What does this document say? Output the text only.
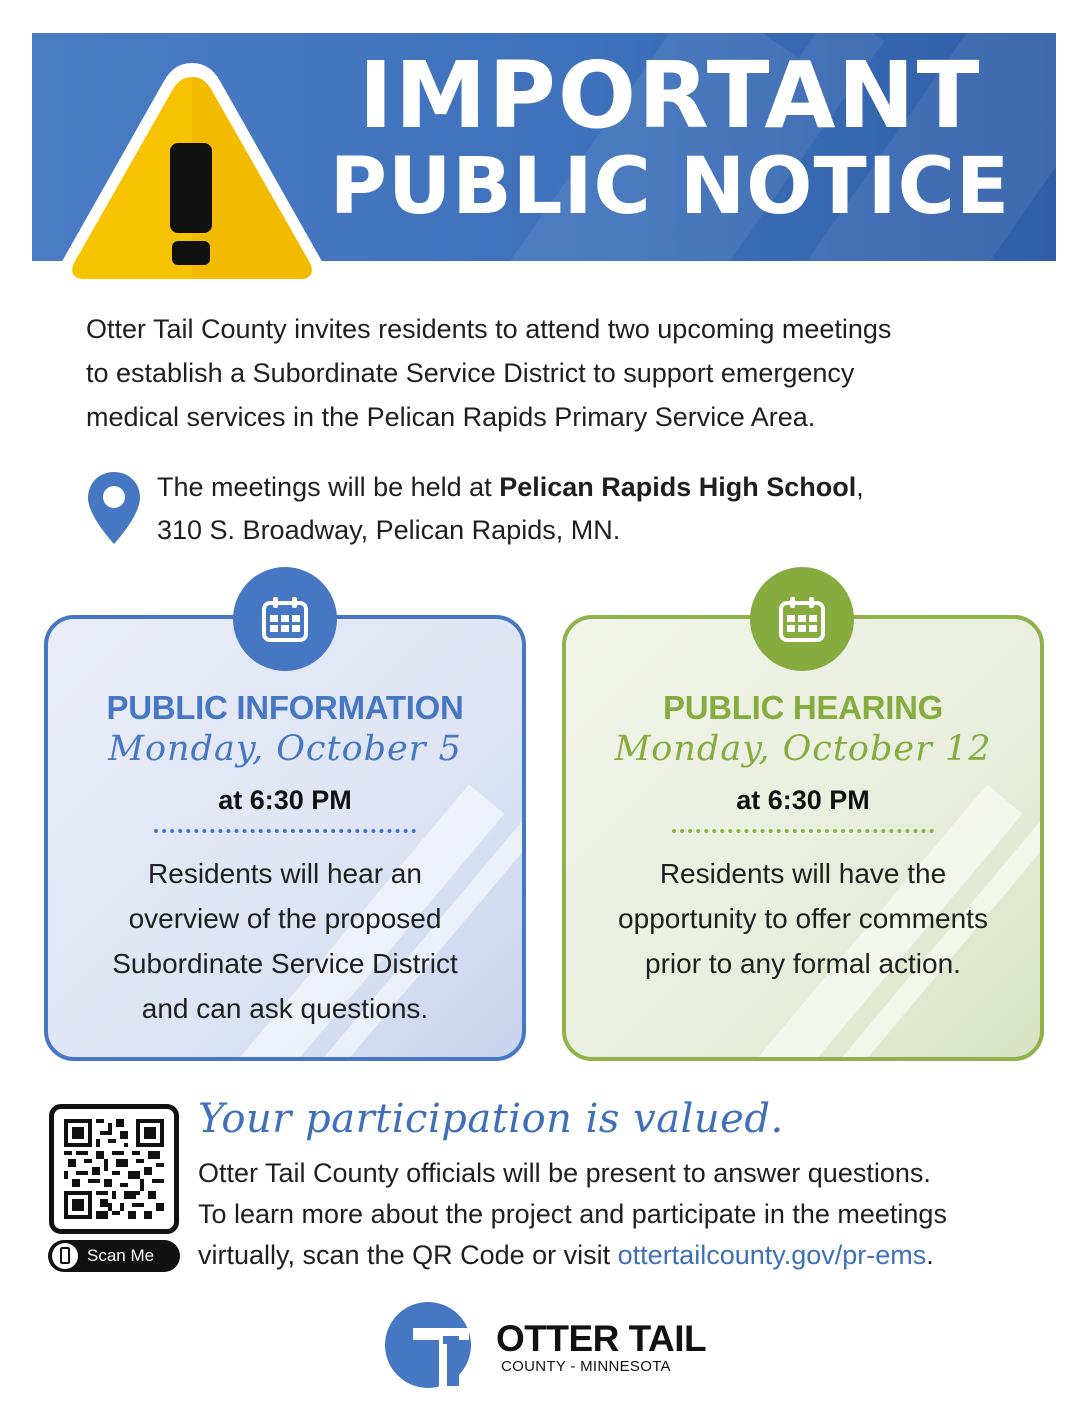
IMPORTANT
PUBLIC NOTICE
Otter Tail County invites residents to attend two upcoming meetings
to establish a Subordinate Service District to support emergency
medical services in the Pelican Rapids Primary Service Area.
The meetings will be held at Pelican Rapids High School,
310 S. Broadway, Pelican Rapids, MN.
PUBLIC INFORMATION
Monday, October 5
at 6:30 PM
Residents will hear an
overview of the proposed
Subordinate Service District
and can ask questions.
PUBLIC HEARING
Monday, October 12
at 6:30 PM
Residents will have the
opportunity to offer comments
prior to any formal action.
Scan Me
Your participation is valued.
Otter Tail County officials will be present to answer questions.
To learn more about the project and participate in the meetings
virtually, scan the QR Code or visit ottertailcounty.gov/pr-ems.
OTTER TAIL
COUNTY - MINNESOTA
